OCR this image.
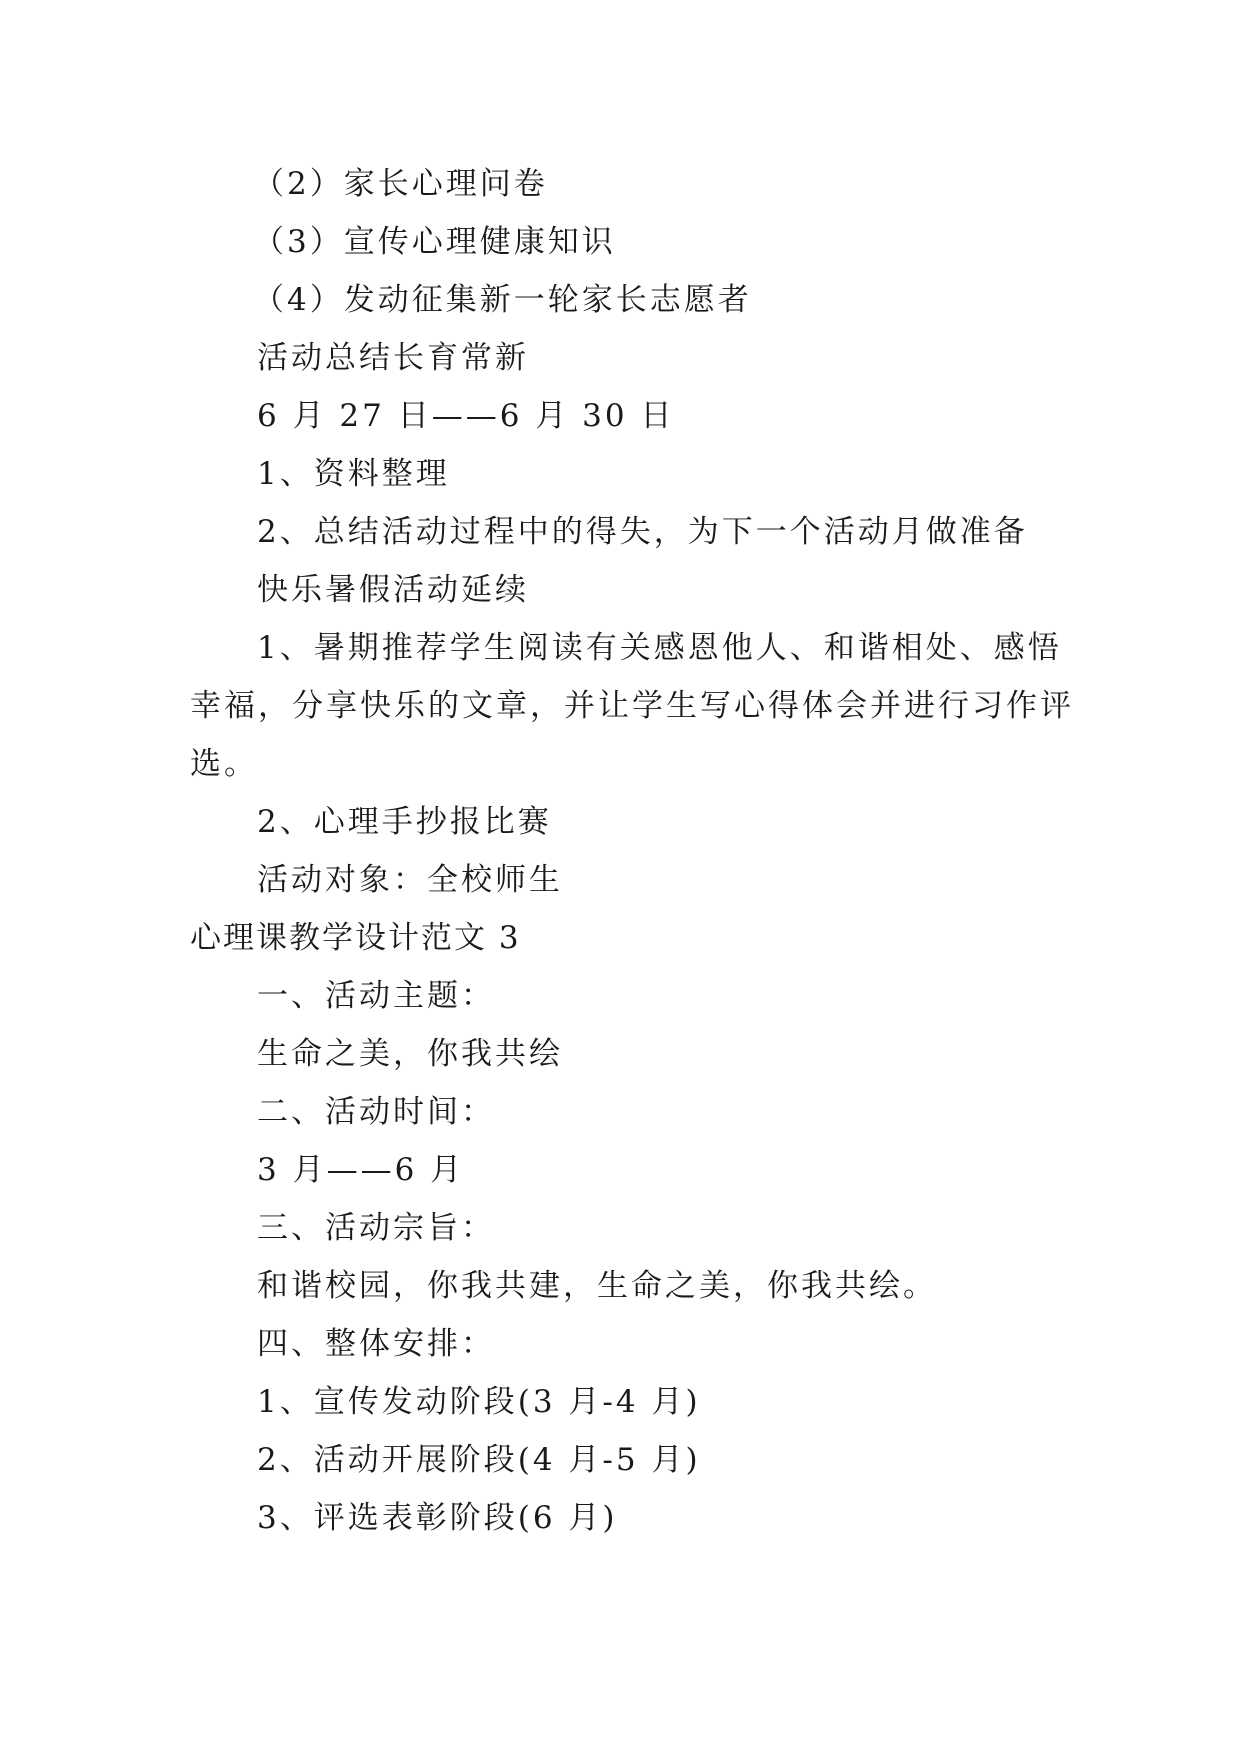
（2）家长心理问卷
（3）宣传心理健康知识
（4）发动征集新一轮家长志愿者
活动总结长育常新
6 月 27 日——6 月 30 日
1、资料整理
2、总结活动过程中的得失，为下一个活动月做准备
快乐暑假活动延续
1、暑期推荐学生阅读有关感恩他人、和谐相处、感悟
幸福，分享快乐的文章，并让学生写心得体会并进行习作评
选。
2、心理手抄报比赛
活动对象：全校师生
心理课教学设计范文 3
一、活动主题：
生命之美，你我共绘
二、活动时间：
3 月——6 月
三、活动宗旨：
和谐校园，你我共建，生命之美，你我共绘。
四、整体安排：
1、宣传发动阶段(3 月-4 月)
2、活动开展阶段(4 月-5 月)
3、评选表彰阶段(6 月)
